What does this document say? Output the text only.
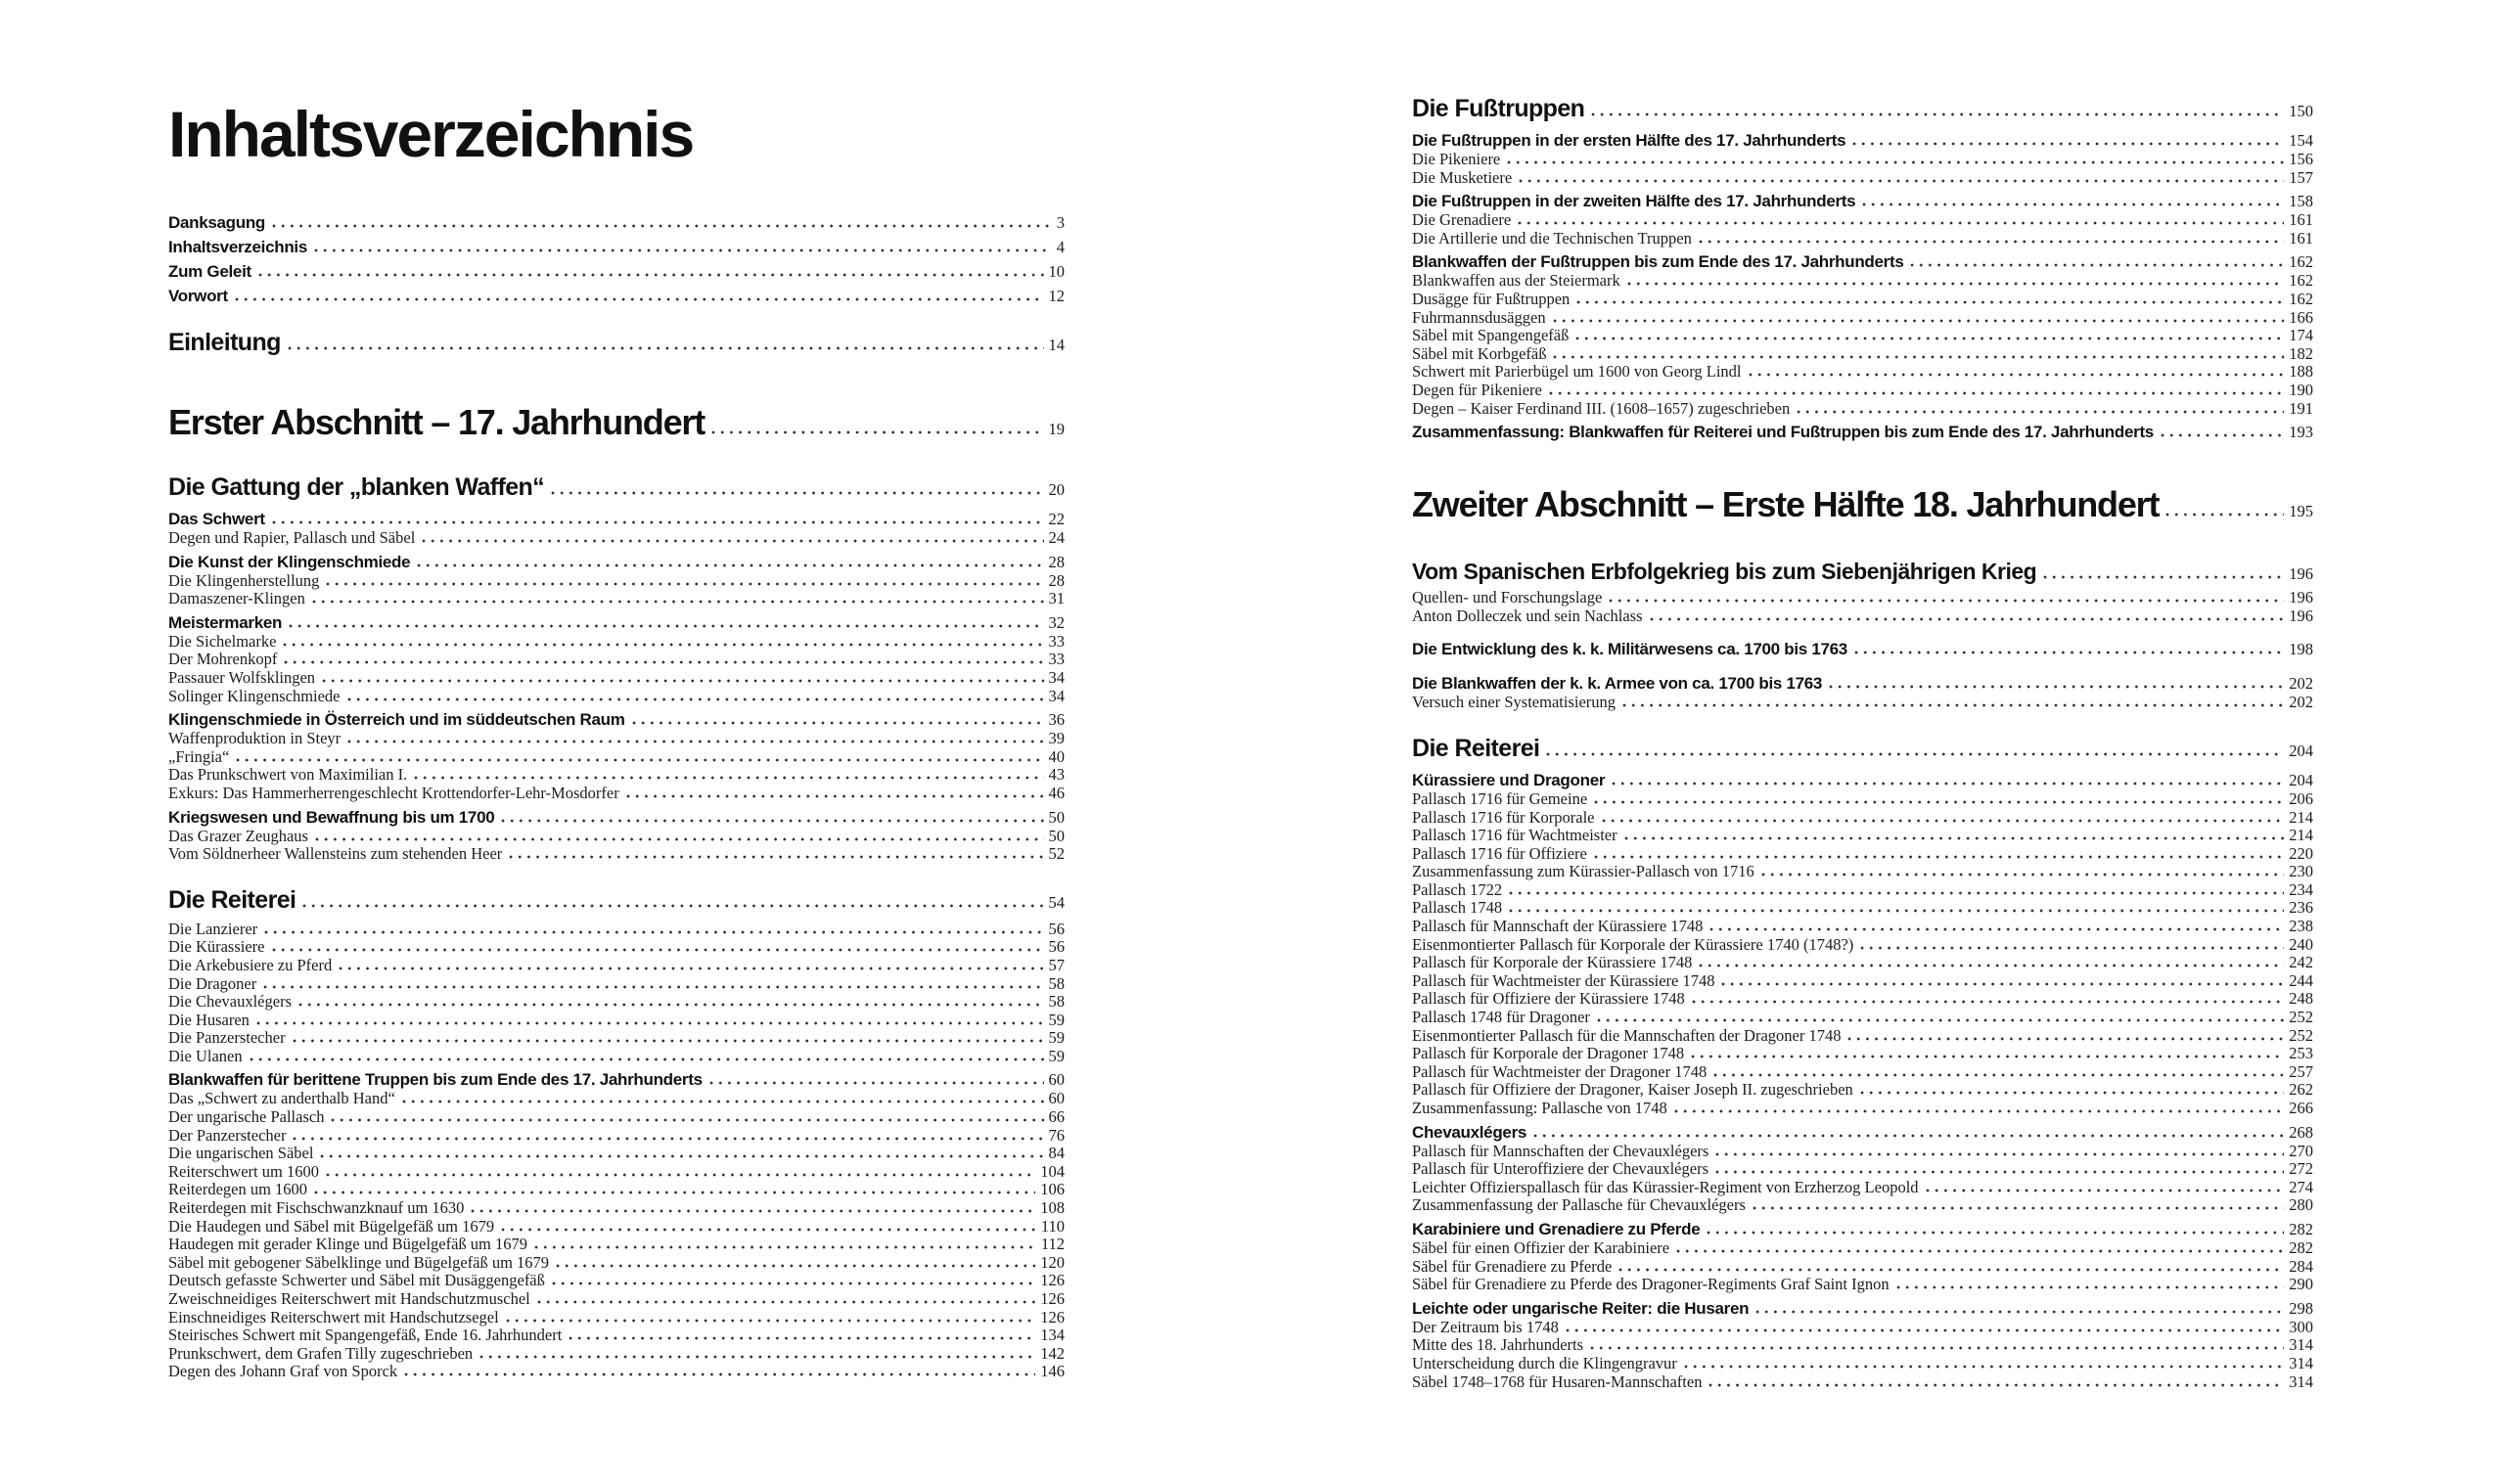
Inhaltsverzeichnis
Danksagung	3
Inhaltsverzeichnis	4
Zum Geleit	10
Vorwort	12
Einleitung	14
Erster Abschnitt – 17. Jahrhundert	19
Die Gattung der „blanken Waffen“	20
Das Schwert	22
Degen und Rapier, Pallasch und Säbel	24
Die Kunst der Klingenschmiede	28
Die Klingenherstellung	28
Damaszener-Klingen	31
Meistermarken	32
Die Sichelmarke	33
Der Mohrenkopf	33
Passauer Wolfsklingen	34
Solinger Klingenschmiede	34
Klingenschmiede in Österreich und im süddeutschen Raum	36
Waffenproduktion in Steyr	39
„Fringia“	40
Das Prunkschwert von Maximilian I.	43
Exkurs: Das Hammerherrengeschlecht Krottendorfer-Lehr-Mosdorfer	46
Kriegswesen und Bewaffnung bis um 1700	50
Das Grazer Zeughaus	50
Vom Söldnerheer Wallensteins zum stehenden Heer	52
Die Reiterei	54
Die Lanzierer	56
Die Kürassiere	56
Die Arkebusiere zu Pferd	57
Die Dragoner	58
Die Chevauxlégers	58
Die Husaren	59
Die Panzerstecher	59
Die Ulanen	59
Blankwaffen für berittene Truppen bis zum Ende des 17. Jahrhunderts	60
Das „Schwert zu anderthalb Hand“	60
Der ungarische Pallasch	66
Der Panzerstecher	76
Die ungarischen Säbel	84
Reiterschwert um 1600	104
Reiterdegen um 1600	106
Reiterdegen mit Fischschwanzknauf um 1630	108
Die Haudegen und Säbel mit Bügelgefäß um 1679	110
Haudegen mit gerader Klinge und Bügelgefäß um 1679	112
Säbel mit gebogener Säbelklinge und Bügelgefäß um 1679	120
Deutsch gefasste Schwerter und Säbel mit Dusäggengefäß	126
Zweischneidiges Reiterschwert mit Handschutzmuschel	126
Einschneidiges Reiterschwert mit Handschutzsegel	126
Steirisches Schwert mit Spangengefäß, Ende 16. Jahrhundert	134
Prunkschwert, dem Grafen Tilly zugeschrieben	142
Degen des Johann Graf von Sporck	146
Die Fußtruppen	150
Die Fußtruppen in der ersten Hälfte des 17. Jahrhunderts	154
Die Pikeniere	156
Die Musketiere	157
Die Fußtruppen in der zweiten Hälfte des 17. Jahrhunderts	158
Die Grenadiere	161
Die Artillerie und die Technischen Truppen	161
Blankwaffen der Fußtruppen bis zum Ende des 17. Jahrhunderts	162
Blankwaffen aus der Steiermark	162
Dusägge für Fußtruppen	162
Fuhrmannsdusäggen	166
Säbel mit Spangengefäß	174
Säbel mit Korbgefäß	182
Schwert mit Parierbügel um 1600 von Georg Lindl	188
Degen für Pikeniere	190
Degen – Kaiser Ferdinand III. (1608–1657) zugeschrieben	191
Zusammenfassung: Blankwaffen für Reiterei und Fußtruppen bis zum Ende des 17. Jahrhunderts	193
Zweiter Abschnitt – Erste Hälfte 18. Jahrhundert	195
Vom Spanischen Erbfolgekrieg bis zum Siebenjährigen Krieg	196
Quellen- und Forschungslage	196
Anton Dolleczek und sein Nachlass	196
Die Entwicklung des k. k. Militärwesens ca. 1700 bis 1763	198
Die Blankwaffen der k. k. Armee von ca. 1700 bis 1763	202
Versuch einer Systematisierung	202
Die Reiterei	204
Kürassiere und Dragoner	204
Pallasch 1716 für Gemeine	206
Pallasch 1716 für Korporale	214
Pallasch 1716 für Wachtmeister	214
Pallasch 1716 für Offiziere	220
Zusammenfassung zum Kürassier-Pallasch von 1716	230
Pallasch 1722	234
Pallasch 1748	236
Pallasch für Mannschaft der Kürassiere 1748	238
Eisenmontierter Pallasch für Korporale der Kürassiere 1740 (1748?)	240
Pallasch für Korporale der Kürassiere 1748	242
Pallasch für Wachtmeister der Kürassiere 1748	244
Pallasch für Offiziere der Kürassiere 1748	248
Pallasch 1748 für Dragoner	252
Eisenmontierter Pallasch für die Mannschaften der Dragoner 1748	252
Pallasch für Korporale der Dragoner 1748	253
Pallasch für Wachtmeister der Dragoner 1748	257
Pallasch für Offiziere der Dragoner, Kaiser Joseph II. zugeschrieben	262
Zusammenfassung: Pallasche von 1748	266
Chevauxlégers	268
Pallasch für Mannschaften der Chevauxlégers	270
Pallasch für Unteroffiziere der Chevauxlégers	272
Leichter Offizierspallasch für das Kürassier-Regiment von Erzherzog Leopold	274
Zusammenfassung der Pallasche für Chevauxlégers	280
Karabiniere und Grenadiere zu Pferde	282
Säbel für einen Offizier der Karabiniere	282
Säbel für Grenadiere zu Pferde	284
Säbel für Grenadiere zu Pferde des Dragoner-Regiments Graf Saint Ignon	290
Leichte oder ungarische Reiter: die Husaren	298
Der Zeitraum bis 1748	300
Mitte des 18. Jahrhunderts	314
Unterscheidung durch die Klingengravur	314
Säbel 1748–1768 für Husaren-Mannschaften	314
